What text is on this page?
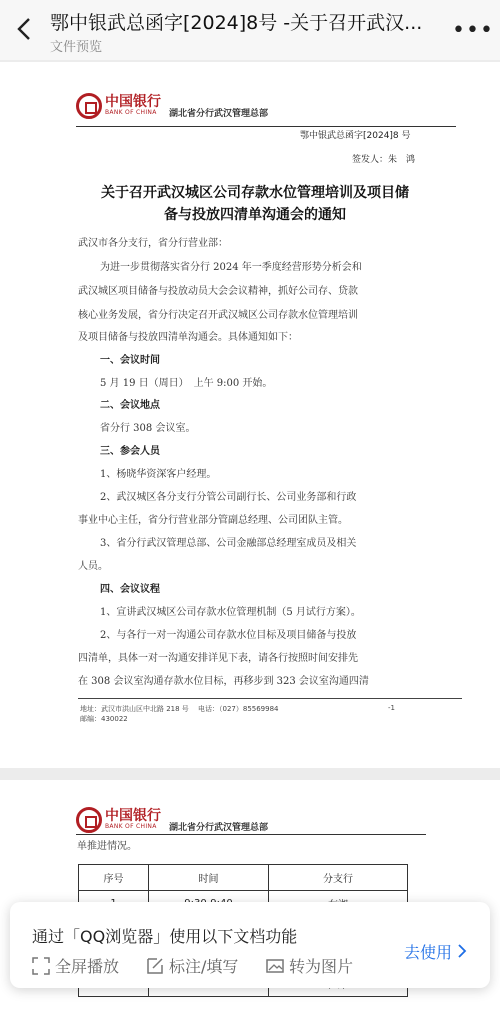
鄂中银武总函字[2024]8号 -关于召开武汉...
文件预览
•••
中国银行
BANK OF CHINA	湖北省分行武汉管理总部
鄂中银武总函字[2024]8 号
签发人：朱　鸿
关于召开武汉城区公司存款水位管理培训及项目储
备与投放四清单沟通会的通知
武汉市各分支行，省分行营业部：
为进一步贯彻落实省分行 2024 年一季度经营形势分析会和
武汉城区项目储备与投放动员大会会议精神，抓好公司存、贷款
核心业务发展，省分行决定召开武汉城区公司存款水位管理培训
及项目储备与投放四清单沟通会。具体通知如下：
一、会议时间
5 月 19 日（周日）　上午 9:00 开始。
二、会议地点
省分行 308 会议室。
三、参会人员
1、杨晓华资深客户经理。
2、武汉城区各分支行分管公司副行长、公司业务部和行政
事业中心主任，省分行营业部分管副总经理、公司团队主管。
3、省分行武汉管理总部、公司金融部总经理室成员及相关
人员。
四、会议议程
1、宣讲武汉城区公司存款水位管理机制（5 月试行方案）。
2、与各行一对一沟通公司存款水位目标及项目储备与投放
四清单，具体一对一沟通安排详见下表，请各行按照时间安排先
在 308 会议室沟通存款水位目标，再移步到 323 会议室沟通四清
地址：武汉市洪山区中北路 218 号
邮编：430022
电话：（027）85569984	-1
中国银行
BANK OF CHINA	湖北省分行武汉管理总部
单推进情况。
序号	时间	分支行

通过「QQ浏览器」使用以下文档功能
去使用
全屏播放	标注/填写	转为图片
